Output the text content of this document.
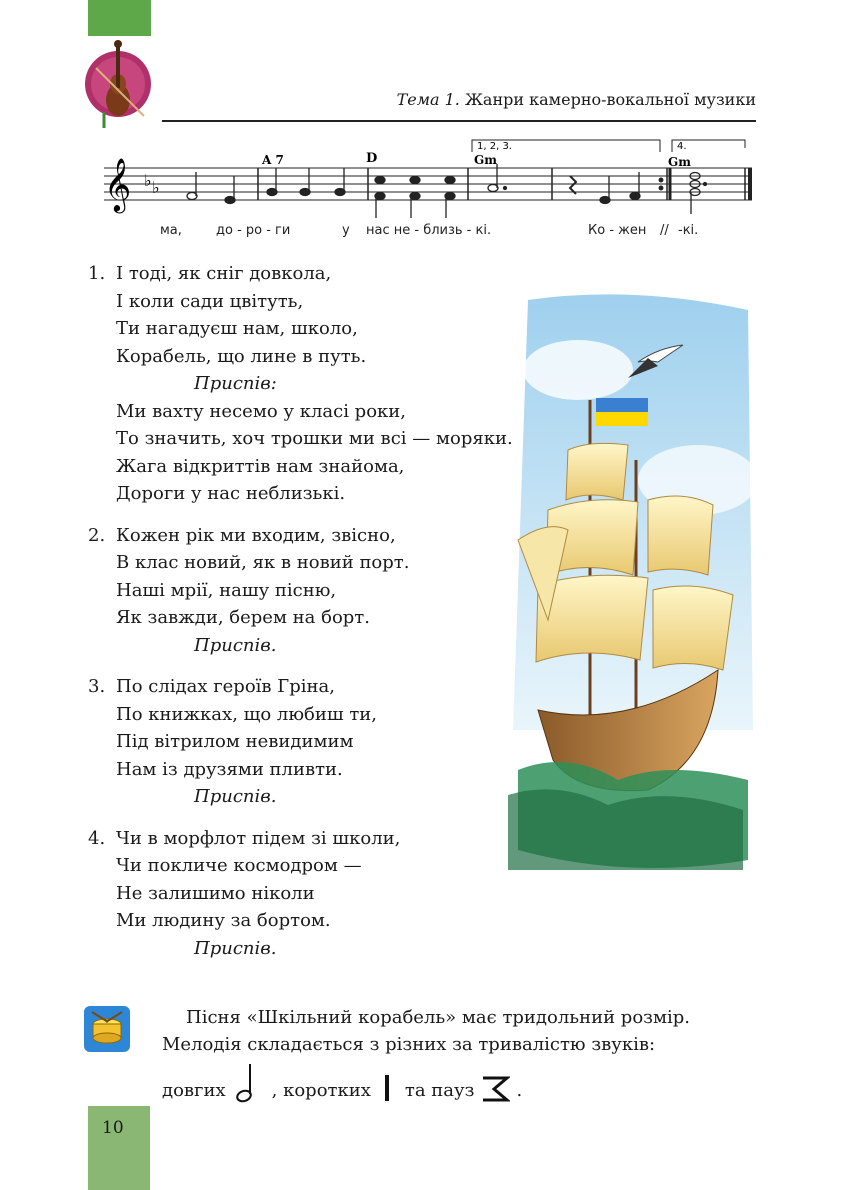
Тема 1. Жанри камерно-вокальної музики
𝄞 ♭ ♭
1, 2, 3.	4.
A 7	D	Gm	Gm
ма,	до - ро - ги	у нас не - близь - кі.	Ко - жен // -кі.
1. І тоді, як сніг довкола,
І коли сади цвітуть,
Ти нагадуєш нам, школо,
Корабель, що лине в путь.
Приспів:
Ми вахту несемо у класі роки,
То значить, хоч трошки ми всі — моряки.
Жага відкриттів нам знайома,
Дороги у нас неблизькі.
2. Кожен рік ми входим, звісно,
В клас новий, як в новий порт.
Наші мрії, нашу пісню,
Як завжди, берем на борт.
Приспів.
3. По слідах героїв Гріна,
По книжках, що любиш ти,
Під вітрилом невидимим
Нам із друзями пливти.
Приспів.
4. Чи в морфлот підем зі школи,
Чи покличе космодром —
Не залишимо ніколи
Ми людину за бортом.
Приспів.

Пісня «Шкільний корабель» має тридольний розмір. Мелодія складається з різних за тривалістю звуків:

довгих	, коротких та пауз .
10
